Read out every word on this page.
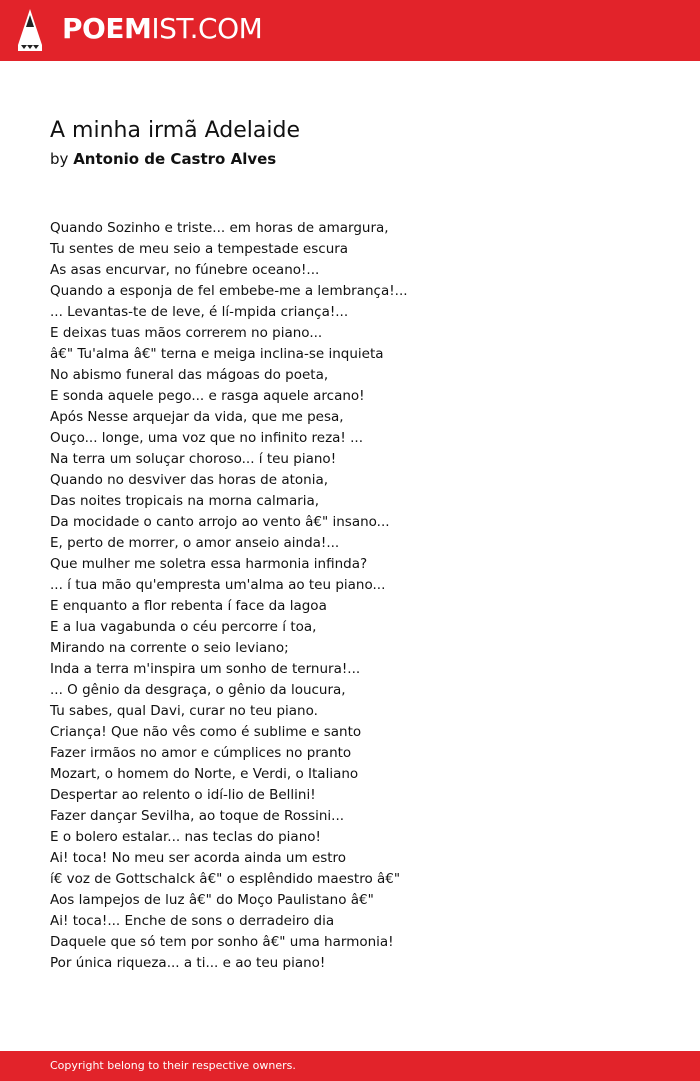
POEMIST.COM
A minha irmã Adelaide
by Antonio de Castro Alves
Quando Sozinho e triste... em horas de amargura,
Tu sentes de meu seio a tempestade escura
As asas encurvar, no fúnebre oceano!...
Quando a esponja de fel embebe-me a lembrança!...
... Levantas-te de leve, é lí-mpida criança!...
E deixas tuas mãos correrem no piano...
â€" Tu'alma â€" terna e meiga inclina-se inquieta
No abismo funeral das mágoas do poeta,
E sonda aquele pego... e rasga aquele arcano!
Após Nesse arquejar da vida, que me pesa,
Ouço... longe, uma voz que no infinito reza! ...
Na terra um soluçar choroso... í teu piano!
Quando no desviver das horas de atonia,
Das noites tropicais na morna calmaria,
Da mocidade o canto arrojo ao vento â€" insano...
E, perto de morrer, o amor anseio ainda!...
Que mulher me soletra essa harmonia infinda?
... í tua mão qu'empresta um'alma ao teu piano...
E enquanto a flor rebenta í face da lagoa
E a lua vagabunda o céu percorre í toa,
Mirando na corrente o seio leviano;
Inda a terra m'inspira um sonho de ternura!...
... O gênio da desgraça, o gênio da loucura,
Tu sabes, qual Davi, curar no teu piano.
Criança! Que não vês como é sublime e santo
Fazer irmãos no amor e cúmplices no pranto
Mozart, o homem do Norte, e Verdi, o Italiano
Despertar ao relento o idí-lio de Bellini!
Fazer dançar Sevilha, ao toque de Rossini...
E o bolero estalar... nas teclas do piano!
Ai! toca! No meu ser acorda ainda um estro
í€ voz de Gottschalck â€" o esplêndido maestro â€"
Aos lampejos de luz â€" do Moço Paulistano â€"
Ai! toca!... Enche de sons o derradeiro dia
Daquele que só tem por sonho â€" uma harmonia!
Por única riqueza... a ti... e ao teu piano!
Copyright belong to their respective owners.
